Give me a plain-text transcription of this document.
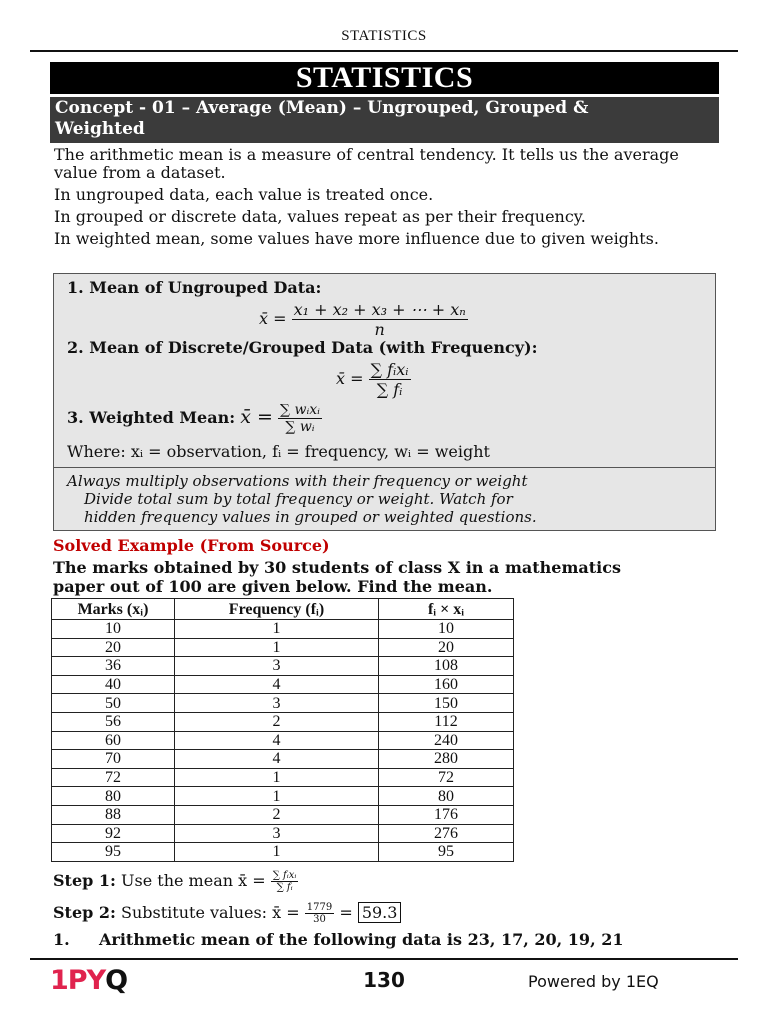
STATISTICS
STATISTICS
Concept - 01 – Average (Mean) – Ungrouped, Grouped &
Weighted

The arithmetic mean is a measure of central tendency. It tells us the average value from a dataset.

In ungrouped data, each value is treated once.

In grouped or discrete data, values repeat as per their frequency.

In weighted mean, some values have more influence due to given weights.

1. Mean of Ungrouped Data:
x̄ = $\frac{\text{x₁ + x₂ + x₃ + ⋯ + xₙ}}{n}$
2. Mean of Discrete/Grouped Data (with Frequency):
x̄ = $\frac{\text{∑ fᵢxᵢ}}{\text{∑ fᵢ}}$
3. Weighted Mean: x̄ = $\frac{\text{∑ wᵢxᵢ}}{\text{∑ wᵢ}}$
Where: xᵢ = observation, fᵢ = frequency, wᵢ = weight
Always multiply observations with their frequency or weight
Divide total sum by total frequency or weight. Watch for
hidden frequency values in grouped or weighted questions.
Solved Example (From Source)
The marks obtained by 30 students of class X in a mathematics
paper out of 100 are given below. Find the mean.
Marks (xᵢ)	Frequency (fᵢ)	fᵢ × xᵢ
10	1	10
20	1	20
36	3	108
40	4	160
50	3	150
56	2	112
60	4	240
70	4	280
72	1	72
80	1	80
88	2	176
92	3	276
95	1	95
Step 1: Use the mean x̄ = $\frac{\text{∑ fᵢxᵢ}}{\text{∑ fᵢ}}$
Step 2: Substitute values: x̄ = $\frac{1779}{30} = 59.3$
1. Arithmetic mean of the following data is 23, 17, 20, 19, 21
1PYQ	130	Powered by 1EQ
